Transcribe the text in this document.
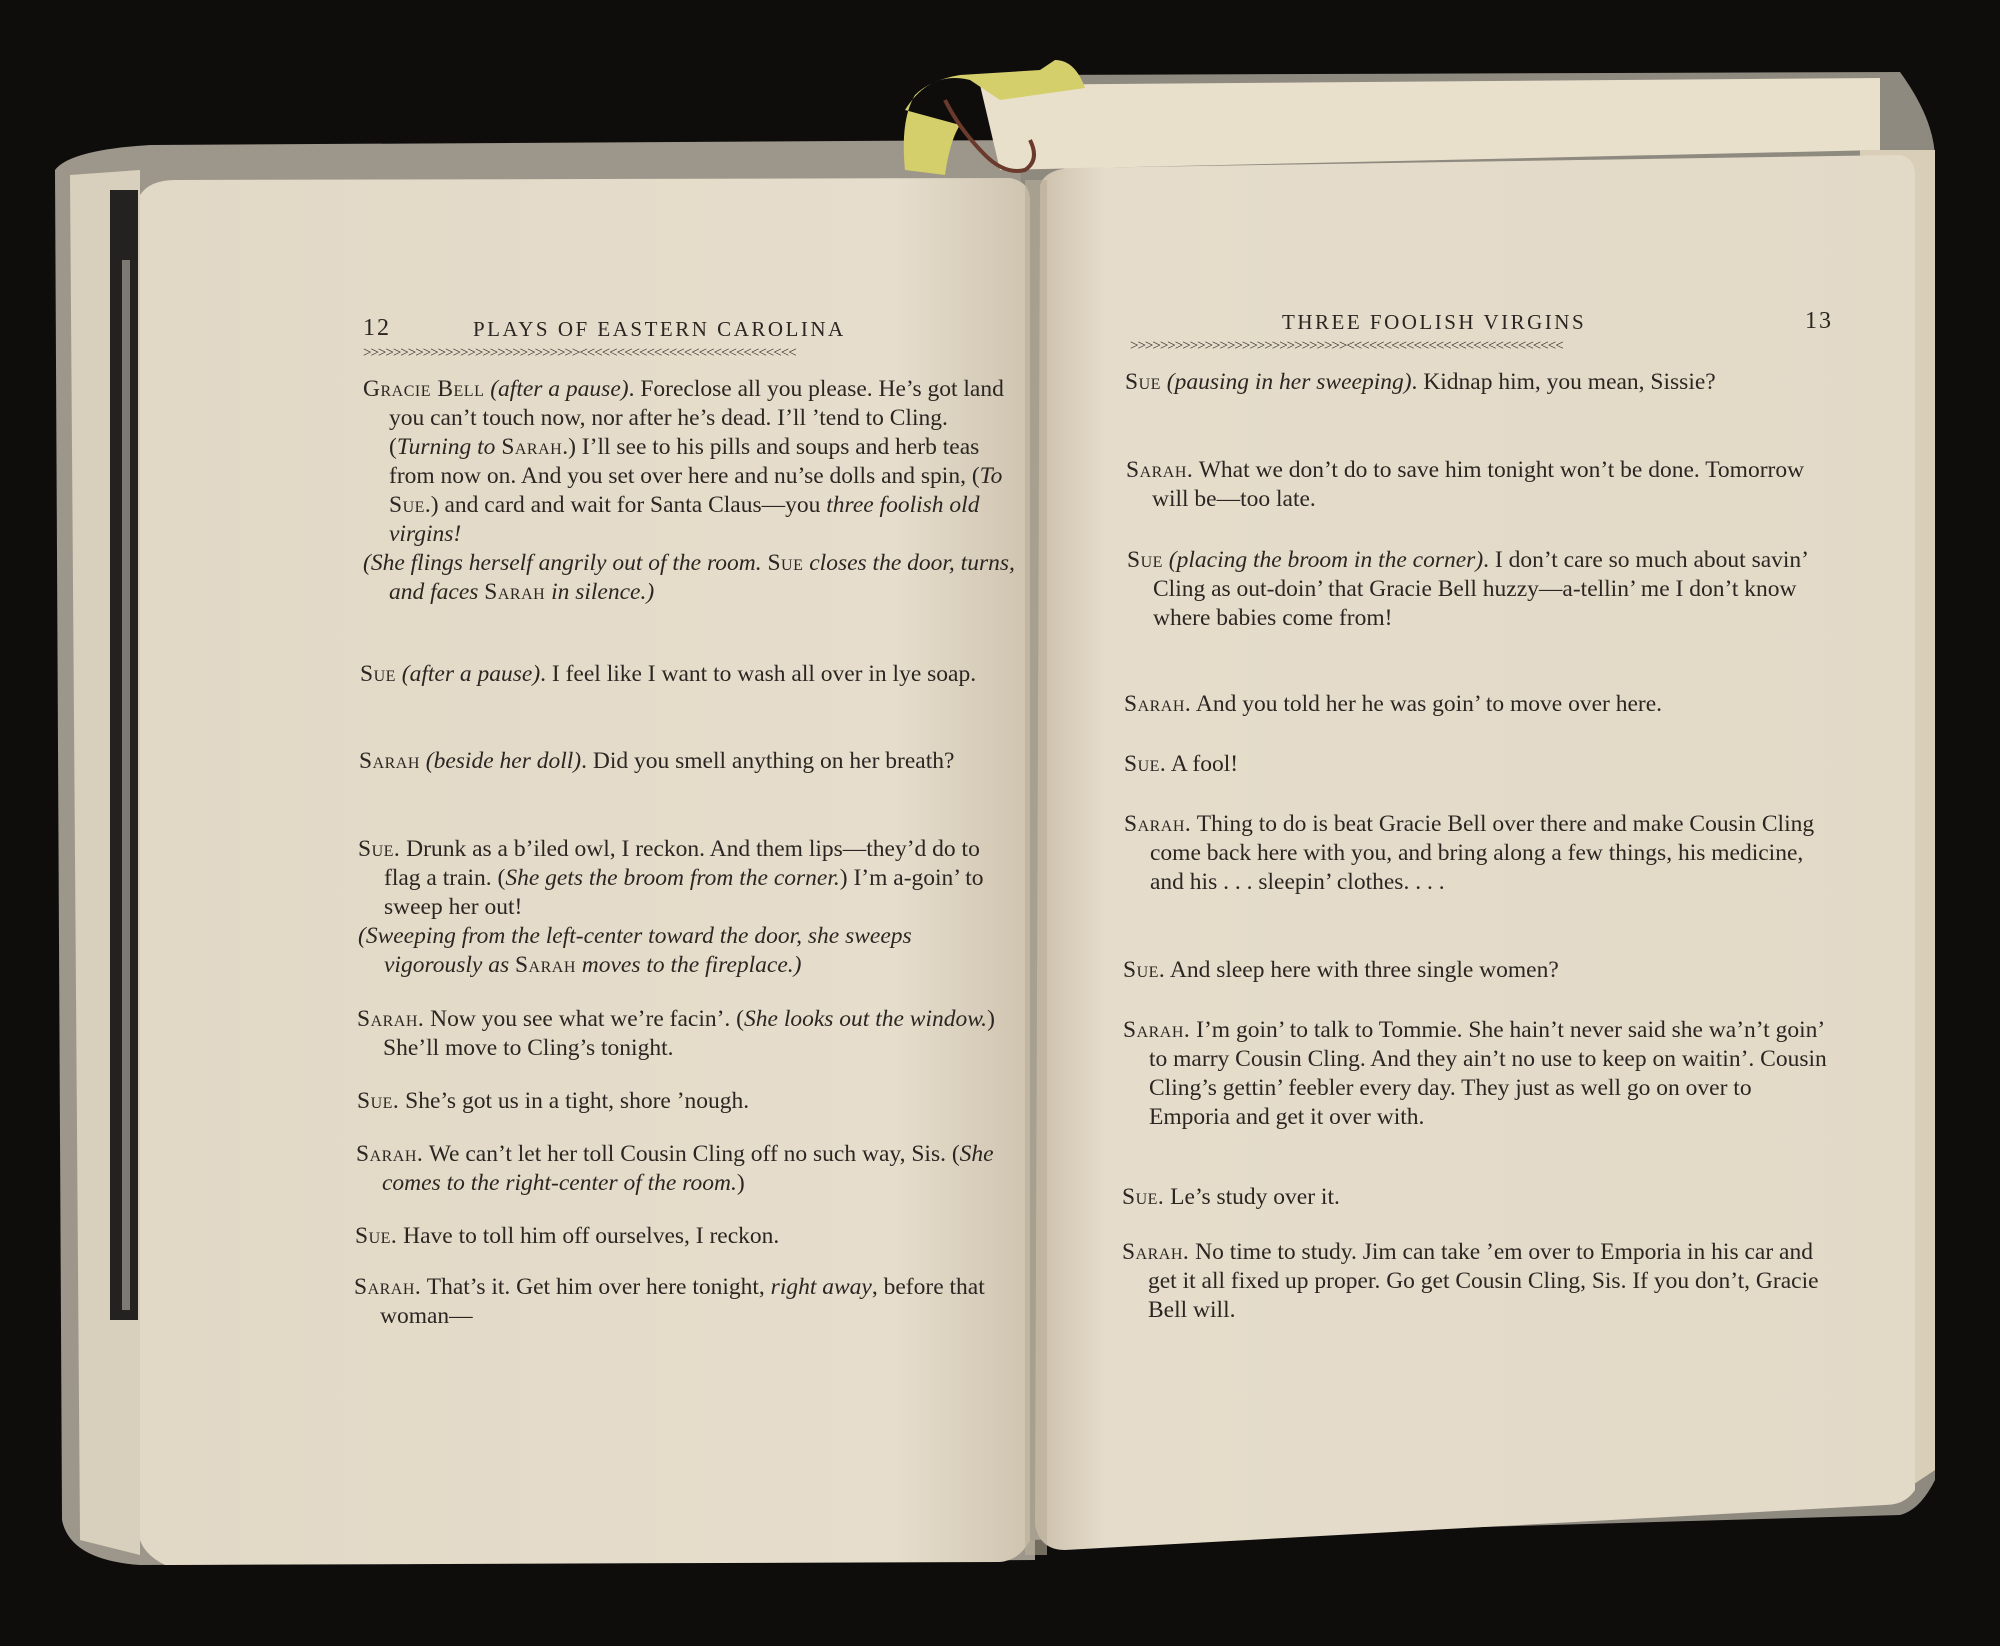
12	PLAYS OF EASTERN CAROLINA
>>>>>>>>>>>>>>>>>>>>>>>>>>>>><<<<<<<<<<<<<<<<<<<<<<<<<<<<<
Gracie Bell (after a pause). Foreclose all you please. He’s got land you can’t touch now, nor after he’s dead. I’ll ’tend to Cling. (Turning to Sarah.) I’ll see to his pills and soups and herb teas from now on. And you set over here and nu’se dolls and spin, (To Sue.) and card and wait for Santa Claus—you three foolish old virgins!
(She flings herself angrily out of the room. Sue closes the door, turns, and faces Sarah in silence.)
Sue (after a pause). I feel like I want to wash all over in lye soap.
Sarah (beside her doll). Did you smell anything on her breath?
Sue. Drunk as a b’iled owl, I reckon. And them lips—they’d do to flag a train. (She gets the broom from the corner.) I’m a-goin’ to sweep her out!
(Sweeping from the left-center toward the door, she sweeps vigorously as Sarah moves to the fireplace.)
Sarah. Now you see what we’re facin’. (She looks out the window.) She’ll move to Cling’s tonight.
Sue. She’s got us in a tight, shore ’nough.
Sarah. We can’t let her toll Cousin Cling off no such way, Sis. (She comes to the right-center of the room.)
Sue. Have to toll him off ourselves, I reckon.
Sarah. That’s it. Get him over here tonight, right away, before that woman—
THREE FOOLISH VIRGINS	13
>>>>>>>>>>>>>>>>>>>>>>>>>>>>><<<<<<<<<<<<<<<<<<<<<<<<<<<<<
Sue (pausing in her sweeping). Kidnap him, you mean, Sissie?
Sarah. What we don’t do to save him tonight won’t be done. Tomorrow will be—too late.
Sue (placing the broom in the corner). I don’t care so much about savin’ Cling as out-doin’ that Gracie Bell huzzy—a-tellin’ me I don’t know where babies come from!
Sarah. And you told her he was goin’ to move over here.
Sue. A fool!
Sarah. Thing to do is beat Gracie Bell over there and make Cousin Cling come back here with you, and bring along a few things, his medicine, and his . . . sleepin’ clothes. . . .
Sue. And sleep here with three single women?
Sarah. I’m goin’ to talk to Tommie. She hain’t never said she wa’n’t goin’ to marry Cousin Cling. And they ain’t no use to keep on waitin’. Cousin Cling’s gettin’ feebler every day. They just as well go on over to Emporia and get it over with.
Sue. Le’s study over it.
Sarah. No time to study. Jim can take ’em over to Emporia in his car and get it all fixed up proper. Go get Cousin Cling, Sis. If you don’t, Gracie Bell will.
